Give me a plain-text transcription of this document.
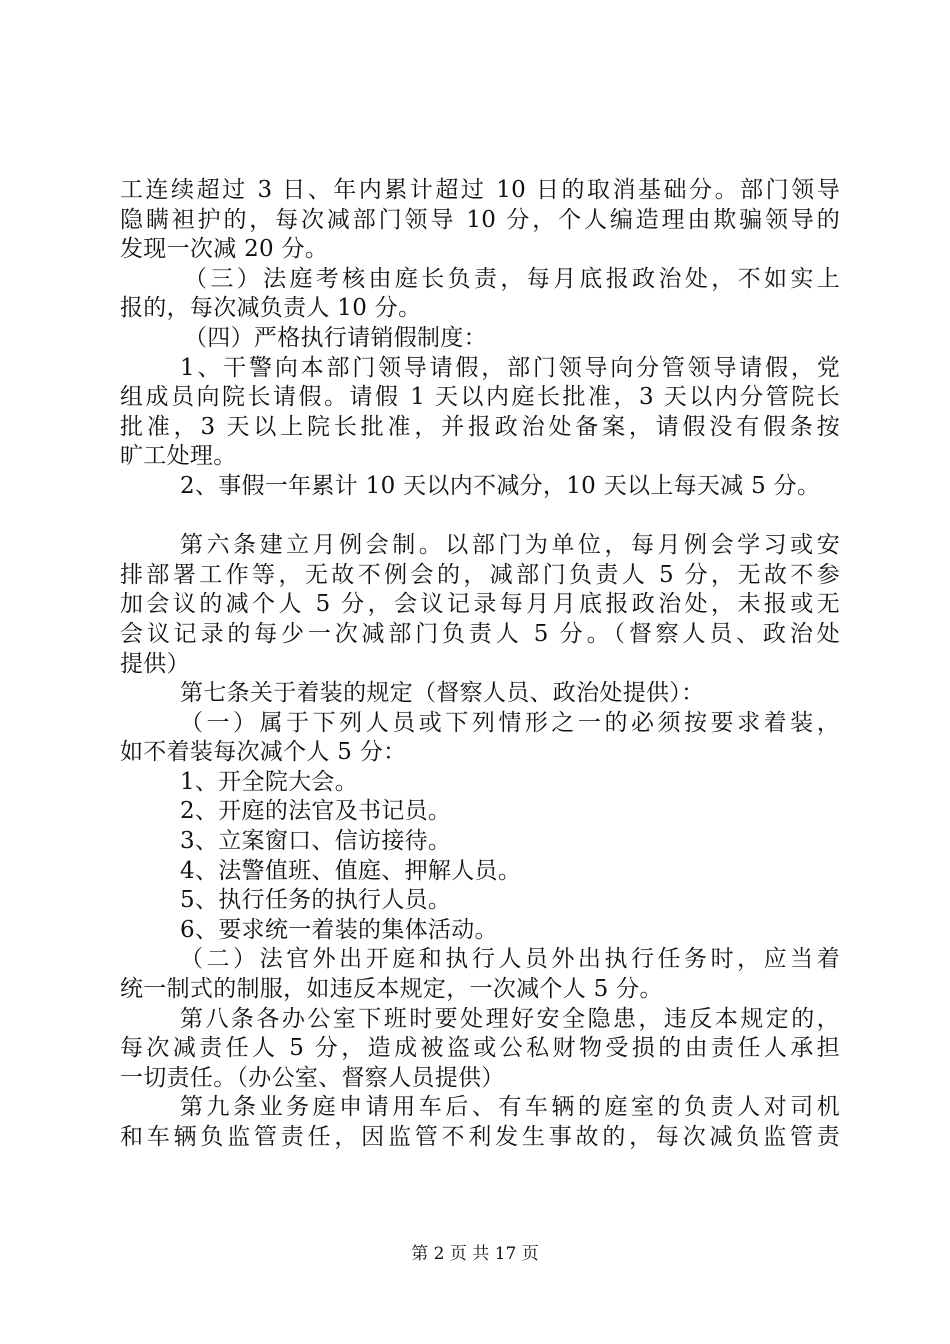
工连续超过 3 日、年内累计超过 10 日的取消基础分。部门领导
隐瞒袒护的，每次减部门领导 10 分，个人编造理由欺骗领导的
发现一次减 20 分。
（三）法庭考核由庭长负责，每月底报政治处，不如实上
报的，每次减负责人 10 分。
（四）严格执行请销假制度：
1、干警向本部门领导请假，部门领导向分管领导请假，党
组成员向院长请假。请假 1 天以内庭长批准，3 天以内分管院长
批准，3 天以上院长批准，并报政治处备案，请假没有假条按
旷工处理。
2、事假一年累计 10 天以内不减分，10 天以上每天减 5 分。
第六条建立月例会制。以部门为单位，每月例会学习或安
排部署工作等，无故不例会的，减部门负责人 5 分，无故不参
加会议的减个人 5 分，会议记录每月月底报政治处，未报或无
会议记录的每少一次减部门负责人 5 分。（督察人员、政治处
提供）
第七条关于着装的规定（督察人员、政治处提供）：
（一）属于下列人员或下列情形之一的必须按要求着装，
如不着装每次减个人 5 分：
1、开全院大会。
2、开庭的法官及书记员。
3、立案窗口、信访接待。
4、法警值班、值庭、押解人员。
5、执行任务的执行人员。
6、要求统一着装的集体活动。
（二）法官外出开庭和执行人员外出执行任务时，应当着
统一制式的制服，如违反本规定，一次减个人 5 分。
第八条各办公室下班时要处理好安全隐患，违反本规定的，
每次减责任人 5 分，造成被盗或公私财物受损的由责任人承担
一切责任。（办公室、督察人员提供）
第九条业务庭申请用车后、有车辆的庭室的负责人对司机
和车辆负监管责任，因监管不利发生事故的，每次减负监管责
第 2 页 共 17 页
